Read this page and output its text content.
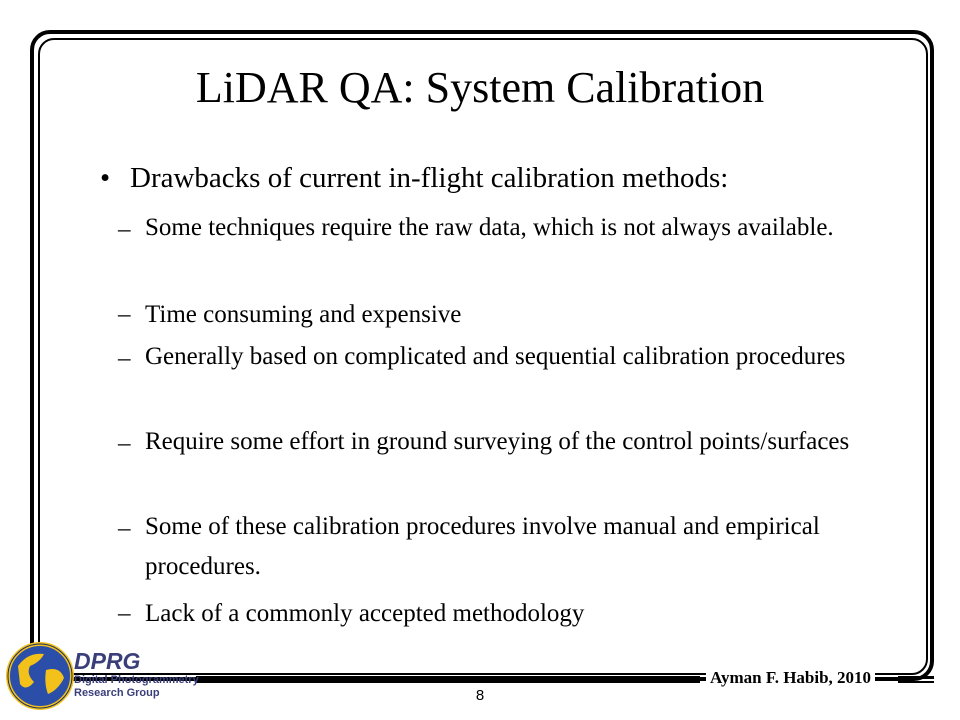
LiDAR QA: System Calibration
• Drawbacks of current in-flight calibration methods:
– Some techniques require the raw data, which is not always available.
– Time consuming and expensive
– Generally based on complicated and sequential calibration procedures
– Require some effort in ground surveying of the control points/surfaces
– Some of these calibration procedures involve manual and empirical procedures.
– Lack of a commonly accepted methodology
Ayman F. Habib, 2010
8
DPRG
Digital Photogrammetry
Research Group
